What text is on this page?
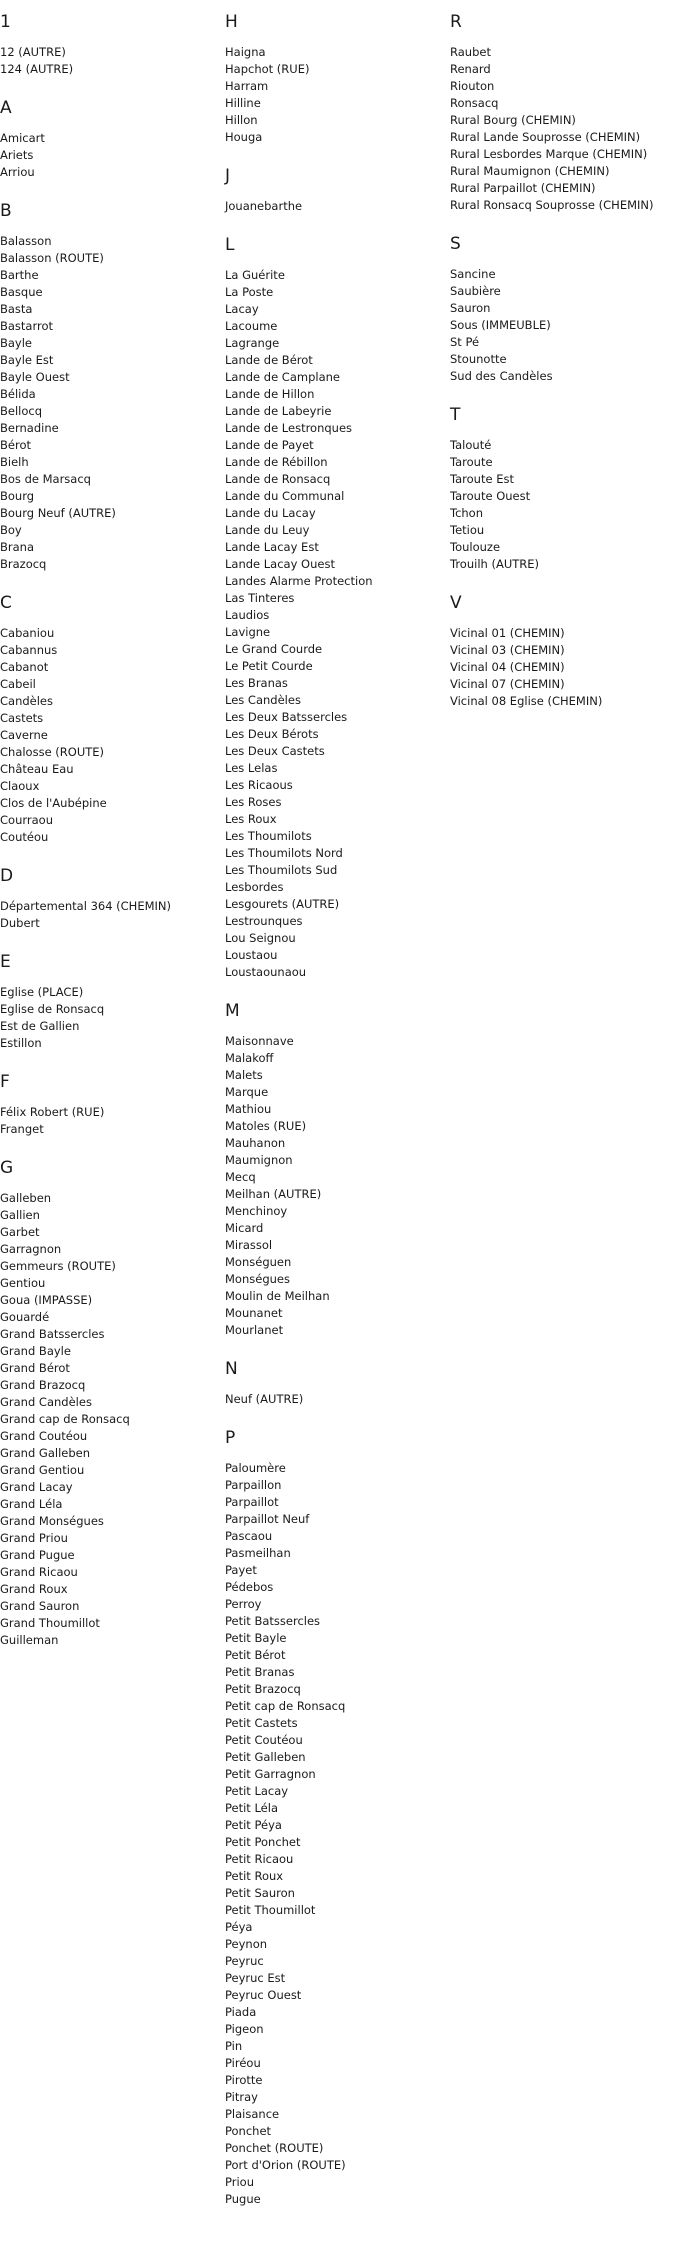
1
12 (AUTRE)
124 (AUTRE)
A
Amicart
Ariets
Arriou
B
Balasson
Balasson (ROUTE)
Barthe
Basque
Basta
Bastarrot
Bayle
Bayle Est
Bayle Ouest
Bélida
Bellocq
Bernadine
Bérot
Bielh
Bos de Marsacq
Bourg
Bourg Neuf (AUTRE)
Boy
Brana
Brazocq
C
Cabaniou
Cabannus
Cabanot
Cabeil
Candèles
Castets
Caverne
Chalosse (ROUTE)
Château Eau
Claoux
Clos de l'Aubépine
Courraou
Coutéou
D
Départemental 364 (CHEMIN)
Dubert
E
Eglise (PLACE)
Eglise de Ronsacq
Est de Gallien
Estillon
F
Félix Robert (RUE)
Franget
G
Galleben
Gallien
Garbet
Garragnon
Gemmeurs (ROUTE)
Gentiou
Goua (IMPASSE)
Gouardé
Grand Batssercles
Grand Bayle
Grand Bérot
Grand Brazocq
Grand Candèles
Grand cap de Ronsacq
Grand Coutéou
Grand Galleben
Grand Gentiou
Grand Lacay
Grand Léla
Grand Monségues
Grand Priou
Grand Pugue
Grand Ricaou
Grand Roux
Grand Sauron
Grand Thoumillot
Guilleman
H
Haigna
Hapchot (RUE)
Harram
Hilline
Hillon
Houga
J
Jouanebarthe
L
La Guérite
La Poste
Lacay
Lacoume
Lagrange
Lande de Bérot
Lande de Camplane
Lande de Hillon
Lande de Labeyrie
Lande de Lestronques
Lande de Payet
Lande de Rébillon
Lande de Ronsacq
Lande du Communal
Lande du Lacay
Lande du Leuy
Lande Lacay Est
Lande Lacay Ouest
Landes Alarme Protection
Las Tinteres
Laudios
Lavigne
Le Grand Courde
Le Petit Courde
Les Branas
Les Candèles
Les Deux Batssercles
Les Deux Bérots
Les Deux Castets
Les Lelas
Les Ricaous
Les Roses
Les Roux
Les Thoumilots
Les Thoumilots Nord
Les Thoumilots Sud
Lesbordes
Lesgourets (AUTRE)
Lestrounques
Lou Seignou
Loustaou
Loustaounaou
M
Maisonnave
Malakoff
Malets
Marque
Mathiou
Matoles (RUE)
Mauhanon
Maumignon
Mecq
Meilhan (AUTRE)
Menchinoy
Micard
Mirassol
Monséguen
Monségues
Moulin de Meilhan
Mounanet
Mourlanet
N
Neuf (AUTRE)
P
Paloumère
Parpaillon
Parpaillot
Parpaillot Neuf
Pascaou
Pasmeilhan
Payet
Pédebos
Perroy
Petit Batssercles
Petit Bayle
Petit Bérot
Petit Branas
Petit Brazocq
Petit cap de Ronsacq
Petit Castets
Petit Coutéou
Petit Galleben
Petit Garragnon
Petit Lacay
Petit Léla
Petit Péya
Petit Ponchet
Petit Ricaou
Petit Roux
Petit Sauron
Petit Thoumillot
Péya
Peynon
Peyruc
Peyruc Est
Peyruc Ouest
Piada
Pigeon
Pin
Piréou
Pirotte
Pitray
Plaisance
Ponchet
Ponchet (ROUTE)
Port d'Orion (ROUTE)
Priou
Pugue
R
Raubet
Renard
Riouton
Ronsacq
Rural Bourg (CHEMIN)
Rural Lande Souprosse (CHEMIN)
Rural Lesbordes Marque (CHEMIN)
Rural Maumignon (CHEMIN)
Rural Parpaillot (CHEMIN)
Rural Ronsacq Souprosse (CHEMIN)
S
Sancine
Saubière
Sauron
Sous (IMMEUBLE)
St Pé
Stounotte
Sud des Candèles
T
Talouté
Taroute
Taroute Est
Taroute Ouest
Tchon
Tetiou
Toulouze
Trouilh (AUTRE)
V
Vicinal 01 (CHEMIN)
Vicinal 03 (CHEMIN)
Vicinal 04 (CHEMIN)
Vicinal 07 (CHEMIN)
Vicinal 08 Eglise (CHEMIN)
